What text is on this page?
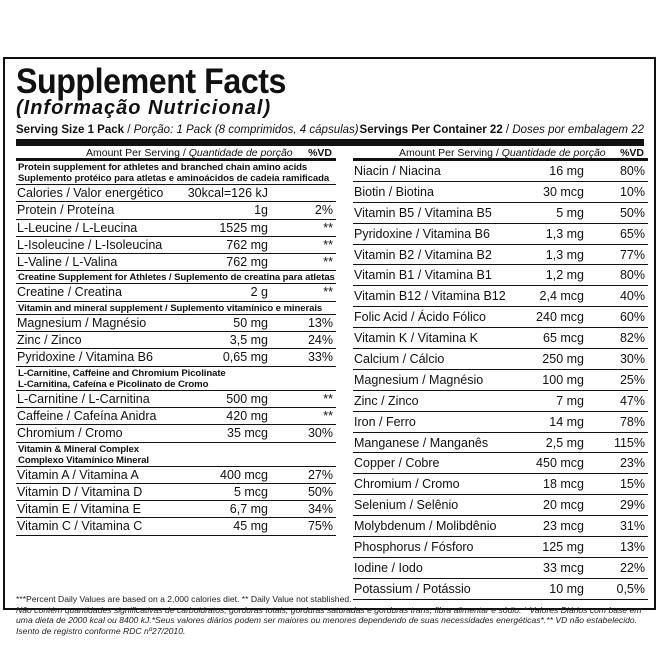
Supplement Facts
(Informação Nutricional)
Serving Size 1 Pack / Porção: 1 Pack (8 comprimidos, 4 cápsulas) Servings Per Container 22 / Doses por embalagem 22
Amount Per Serving / Quantidade de porção %VD
Protein supplement for athletes and branched chain amino acids
Suplemento protéico para atletas e aminoácidos de cadeia ramificada
Calories / Valor energético 30kcal=126 kJ
Protein / Proteína	1g	2%
L-Leucine / L-Leucina	1525 mg	**
L-Isoleucine / L-Isoleucina	762 mg	**
L-Valine / L-Valina	762 mg	**
Creatine Supplement for Athletes / Suplemento de creatina para atletas
Creatine / Creatina	2 g	**
Vitamin and mineral supplement / Suplemento vitamínico e minerais
Magnesium / Magnésio	50 mg	13%
Zinc / Zinco	3,5 mg	24%
Pyridoxine / Vitamina B6	0,65 mg	33%
L-Carnitine, Caffeine and Chromium Picolinate
L-Carnitina, Cafeína e Picolinato de Cromo
L-Carnitine / L-Carnitina	500 mg	**
Caffeine / Cafeína Anidra	420 mg	**
Chromium / Cromo	35 mcg	30%
Vitamin & Mineral Complex
Complexo Vitamínico Mineral
Vitamin A / Vitamina A	400 mcg	27%
Vitamin D / Vitamina D	5 mcg	50%
Vitamin E / Vitamina E	6,7 mg	34%
Vitamin C / Vitamina C	45 mg	75%
Amount Per Serving / Quantidade de porção %VD
Niacin / Niacina	16 mg	80%
Biotin / Biotina	30 mcg	10%
Vitamin B5 / Vitamina B5	5 mg	50%
Pyridoxine / Vitamina B6	1,3 mg	65%
Vitamin B2 / Vitamina B2	1,3 mg	77%
Vitamin B1 / Vitamina B1	1,2 mg	80%
Vitamin B12 / Vitamina B12	2,4 mcg	40%
Folic Acid / Ácido Fólico	240 mcg	60%
Vitamin K / Vitamina K	65 mcg	82%
Calcium / Cálcio	250 mg	30%
Magnesium / Magnésio	100 mg	25%
Zinc / Zinco	7 mg	47%
Iron / Ferro	14 mg	78%
Manganese / Manganês	2,5 mg 115%
Copper / Cobre	450 mcg	23%
Chromium / Cromo	18 mcg	15%
Selenium / Selênio	20 mcg	29%
Molybdenum / Molibdênio	23 mcg	31%
Phosphorus / Fósforo	125 mg	13%
Iodine / Iodo	33 mcg	22%
Potassium / Potássio	10 mg	0,5%
***Percent Daily Values are based on a 2,000 calories diet. ** Daily Value not stablished.
Não contém quantidades significativas de carboidratos, gorduras totais, gorduras saturadas e gorduras trans, fibra alimentar e sódio. * Valores Diários com base em uma dieta de 2000 kcal ou 8400 kJ.*Seus valores diários podem ser maiores ou menores dependendo de suas necessidades energéticas*.** VD não estabelecido. Isento de registro conforme RDC nº27/2010.
